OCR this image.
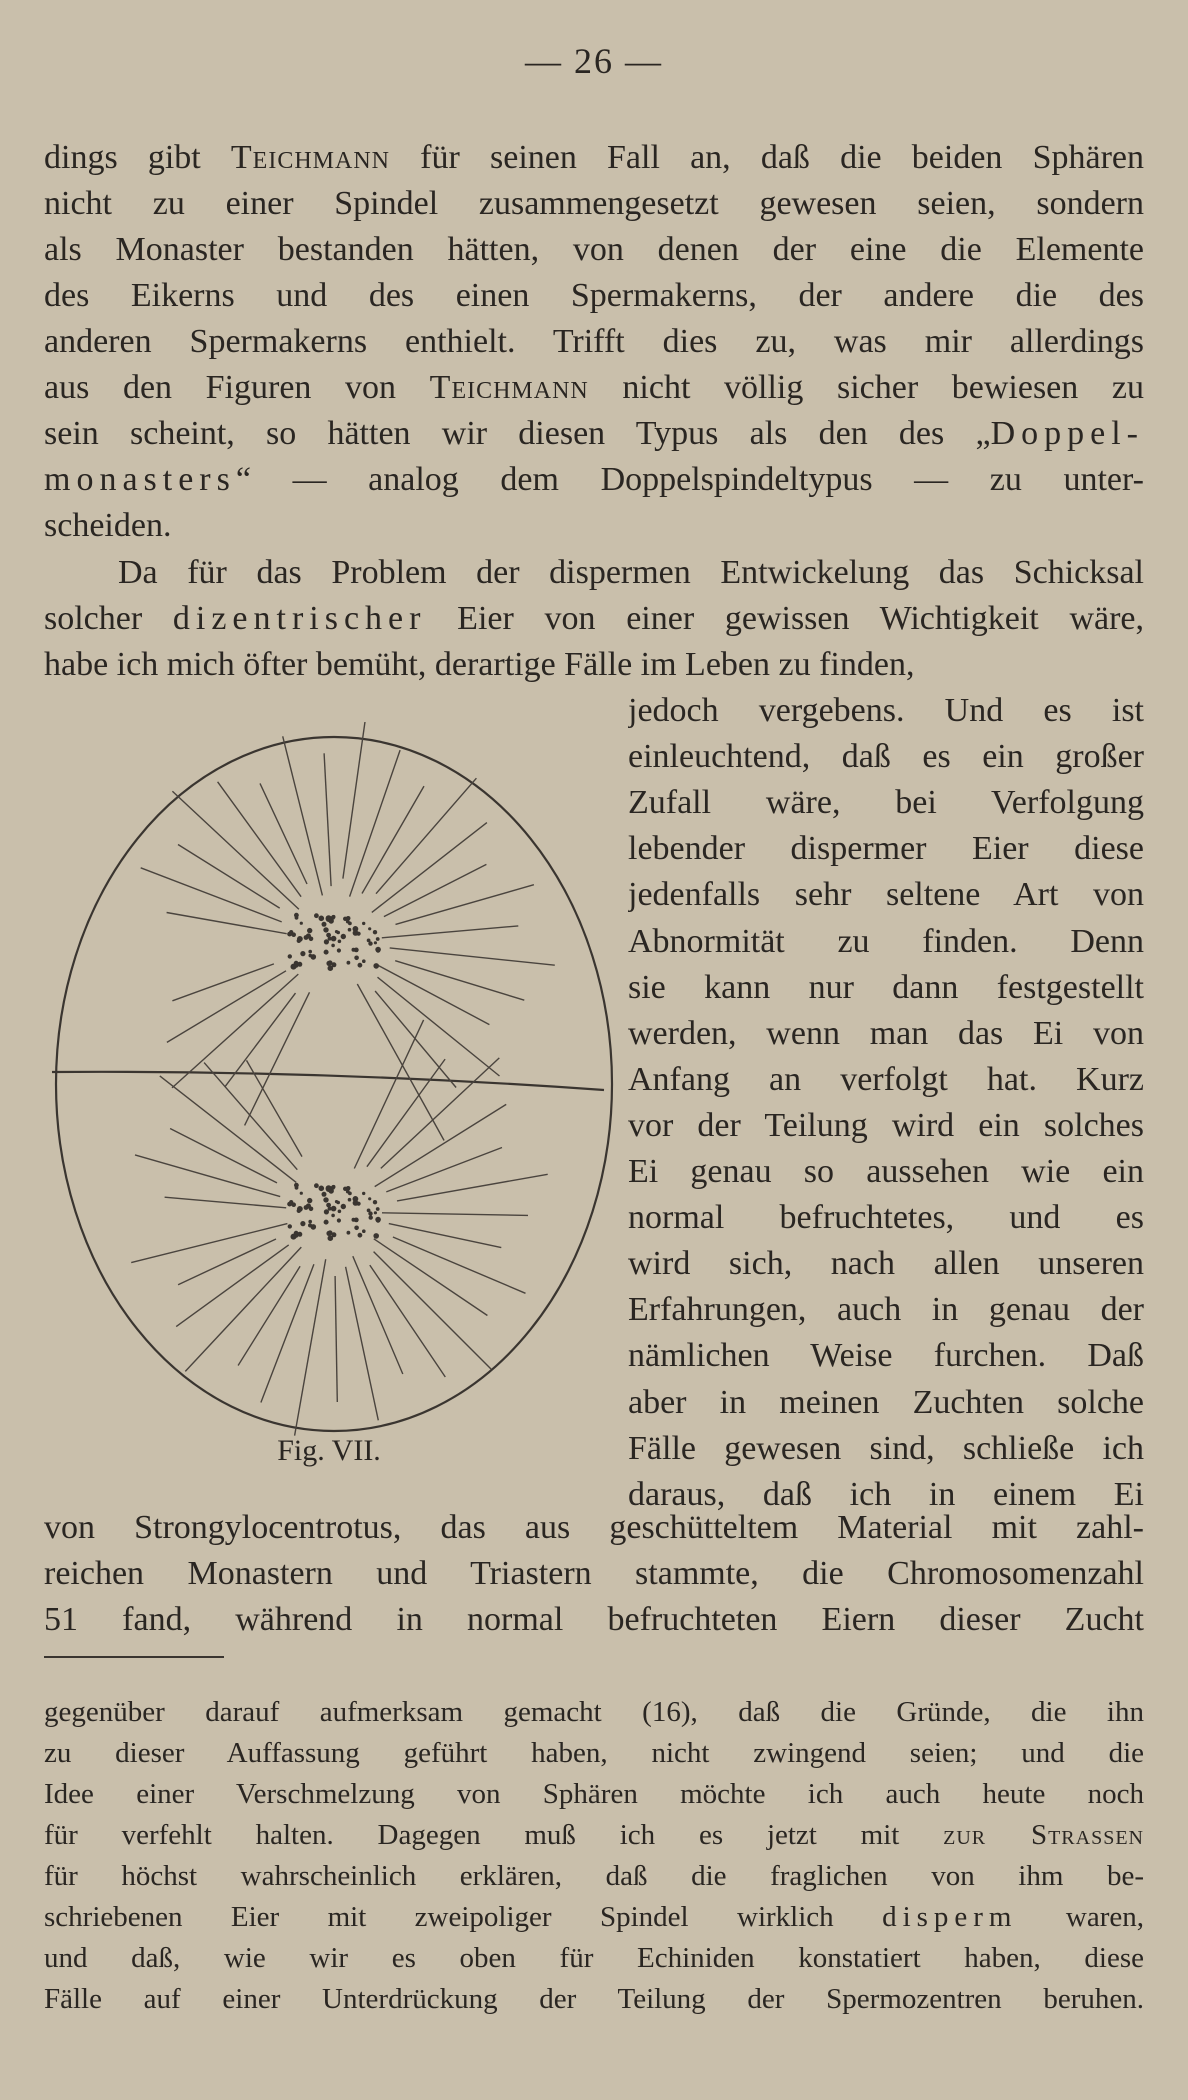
— 26 —
dings gibt Teichmann für seinen Fall an, daß die beiden Sphären
nicht zu einer Spindel zusammengesetzt gewesen seien, sondern
als Monaster bestanden hätten, von denen der eine die Elemente
des Eikerns und des einen Spermakerns, der andere die des
anderen Spermakerns enthielt. Trifft dies zu, was mir allerdings
aus den Figuren von Teichmann nicht völlig sicher bewiesen zu
sein scheint, so hätten wir diesen Typus als den des „Doppel-
monasters“ — analog dem Doppelspindeltypus — zu unter-
scheiden.
Da für das Problem der dispermen Entwickelung das Schicksal
solcher dizentrischer Eier von einer gewissen Wichtigkeit wäre,
habe ich mich öfter bemüht, derartige Fälle im Leben zu finden,
Fig. VII.
jedoch vergebens. Und es ist
einleuchtend, daß es ein großer
Zufall wäre, bei Verfolgung
lebender dispermer Eier diese
jedenfalls sehr seltene Art von
Abnormität zu finden. Denn
sie kann nur dann festgestellt
werden, wenn man das Ei von
Anfang an verfolgt hat. Kurz
vor der Teilung wird ein solches
Ei genau so aussehen wie ein
normal befruchtetes, und es
wird sich, nach allen unseren
Erfahrungen, auch in genau der
nämlichen Weise furchen. Daß
aber in meinen Zuchten solche
Fälle gewesen sind, schließe ich
daraus, daß ich in einem Ei
von Strongylocentrotus, das aus geschütteltem Material mit zahl-
reichen Monastern und Triastern stammte, die Chromosomenzahl
51 fand, während in normal befruchteten Eiern dieser Zucht
gegenüber darauf aufmerksam gemacht (16), daß die Gründe, die ihn
zu dieser Auffassung geführt haben, nicht zwingend seien; und die
Idee einer Verschmelzung von Sphären möchte ich auch heute noch
für verfehlt halten. Dagegen muß ich es jetzt mit zur Strassen
für höchst wahrscheinlich erklären, daß die fraglichen von ihm be-
schriebenen Eier mit zweipoliger Spindel wirklich disperm waren,
und daß, wie wir es oben für Echiniden konstatiert haben, diese
Fälle auf einer Unterdrückung der Teilung der Spermozentren beruhen.
